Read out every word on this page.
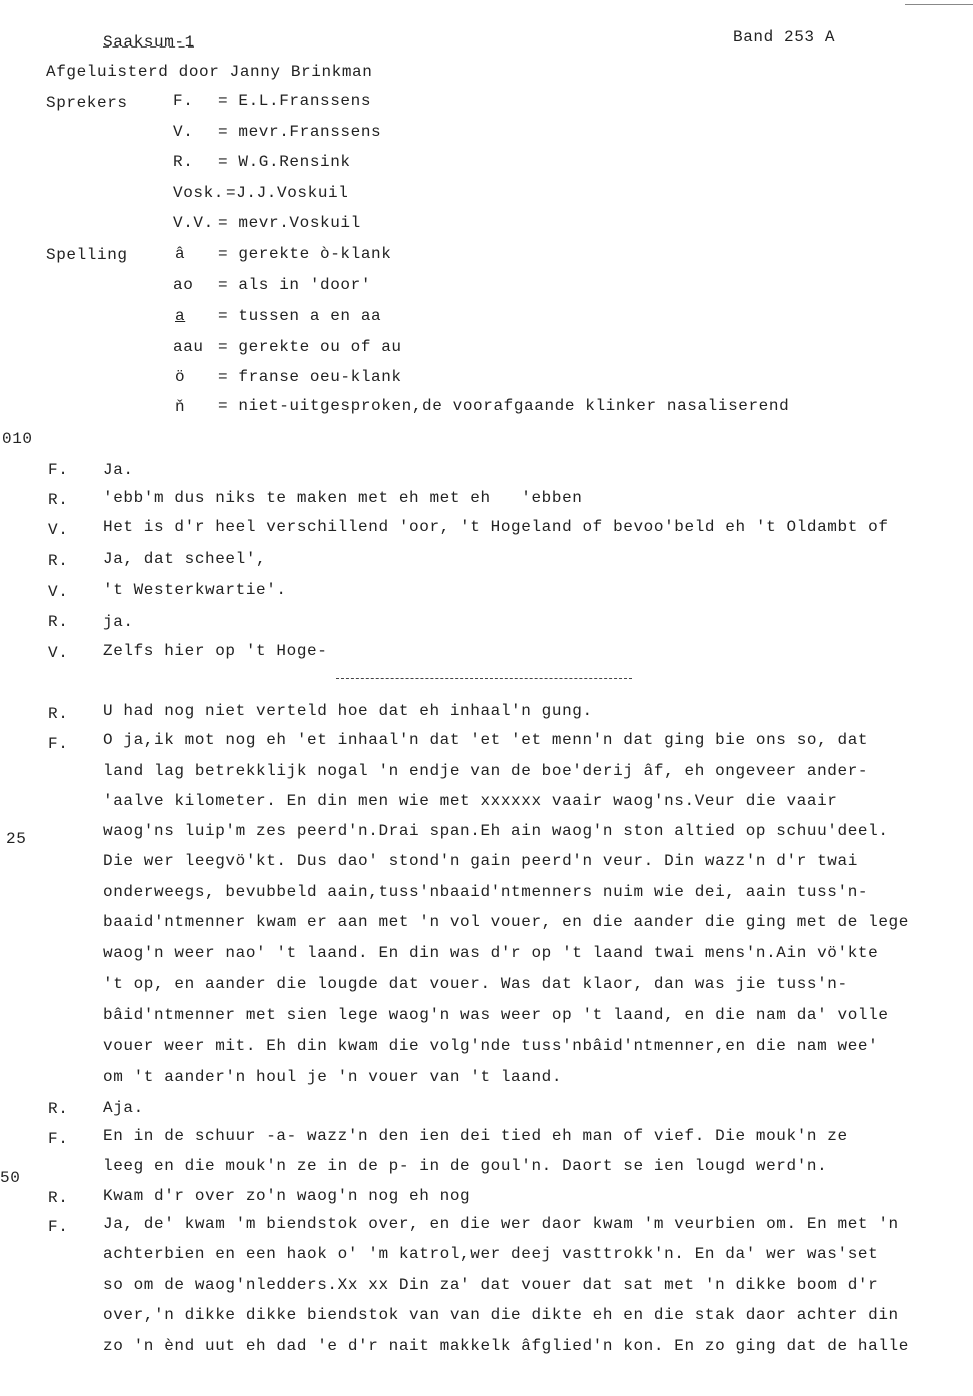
Saaksum-1	Band 253 A
Afgeluisterd door Janny Brinkman
Sprekers	F. = E.L.Franssens
V. = mevr.Franssens
R. = W.G.Rensink
Vosk. =J.J.Voskuil
V.V. = mevr.Voskuil
Spelling	â = gerekte ò-klank
ao = als in 'door'
a = tussen a en aa
aau = gerekte ou of au
ö = franse oeu-klank
ň = niet-uitgesproken,de voorafgaande klinker nasaliserend
010
25
50
F. Ja.
R. 'ebb'm dus niks te maken met eh met eh   'ebben
V. Het is d'r heel verschillend 'oor, 't Hogeland of bevoo'beld eh 't Oldambt of
R. Ja, dat scheel',
V. 't Westerkwartie'.
R. ja.
V. Zelfs hier op 't Hoge-
R. U had nog niet verteld hoe dat eh inhaal'n gung.
F. O ja,ik mot nog eh 'et inhaal'n dat 'et 'et menn'n dat ging bie ons so, dat
land lag betrekklijk nogal 'n endje van de boe'derij âf, eh ongeveer ander-
'aalve kilometer. En din men wie met xxxxxx vaair waog'ns.Veur die vaair
waog'ns luip'm zes peerd'n.Drai span.Eh ain waog'n ston altied op schuu'deel.
Die wer leegvö'kt. Dus dao' stond'n gain peerd'n veur. Din wazz'n d'r twai
onderweegs, bevubbeld aain,tuss'nbaaid'ntmenners nuim wie dei, aain tuss'n-
baaid'ntmenner kwam er aan met 'n vol vouer, en die aander die ging met de lege
waog'n weer nao' 't laand. En din was d'r op 't laand twai mens'n.Ain vö'kte
't op, en aander die lougde dat vouer. Was dat klaor, dan was jie tuss'n-
bâid'ntmenner met sien lege waog'n was weer op 't laand, en die nam da' volle
vouer weer mit. Eh din kwam die volg'nde tuss'nbâid'ntmenner,en die nam wee'
om 't aander'n houl je 'n vouer van 't laand.
R. Aja.
F. En in de schuur -a- wazz'n den ien dei tied eh man of vief. Die mouk'n ze
leeg en die mouk'n ze in de p- in de goul'n. Daort se ien lougd werd'n.
R. Kwam d'r over zo'n waog'n nog eh nog
F. Ja, de' kwam 'm biendstok over, en die wer daor kwam 'm veurbien om. En met 'n
achterbien en een haok o' 'm katrol,wer deej vasttrokk'n. En da' wer was'set
so om de waog'nledders.Xx xx Din za' dat vouer dat sat met 'n dikke boom d'r
over,'n dikke dikke biendstok van van die dikte eh en die stak daor achter din
zo 'n ènd uut eh dad 'e d'r nait makkelk âfglied'n kon. En zo ging dat de halle
